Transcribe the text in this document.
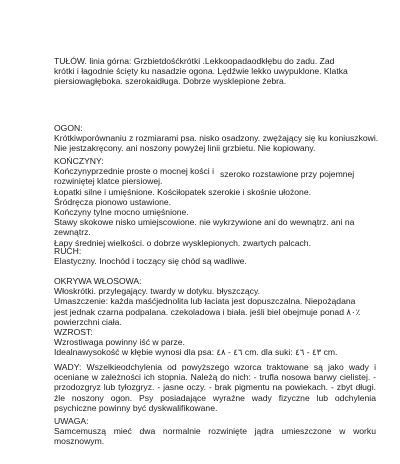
TUŁÓW. linia górna: Grzbietdośćkrótki .Lekkoopadaodkłębu do zadu. Zad
krótki i łagodnie ścięty ku nasadzie ogona. Lędźwie lekko uwypuklone. Klatka
piersiowagłęboka. szerokaidługa. Dobrze wysklepione żebra.
OGON:
Krótkiwporównaniu z rozmiarami psa. nisko osadzony. zwężający się ku koniuszkowi.
Nie jestzakręcony. ani noszony powyżej linii grzbietu. Nie kopiowany.
KOŃCZYNY:
Kończynyprzednie proste o mocnej kości i
rozwiniętej klatce piersiowej.
szeroko rozstawione przy pojemnej
Łopatki silne i umięśnione. Kościłopatek szerokie i skośnie ułożone.
Śródręcza pionowo ustawione.
Kończyny tylne mocno umięśnione.
Stawy skokowe nisko umiejscowione. nie wykrzywione ani do wewnątrz. ani na
zewnątrz.
Łapy średniej wielkości. o dobrze wysklepionych. zwartych palcach.
RUCH:
Elastyczny. Inochód i toczący się chód są wadliwe.
OKRYWA WŁOSOWA:
Włoskrótki. przylegający. twardy w dotyku. błyszczący.
Umaszczenie: każda maśćjednolita lub łaciata jest dopuszczalna. Niepożądana
jest jednak czarna podpalana. czekoladowa i biała. jeśli biel obejmuje ponad ٨٠٪
powierzchni ciała.
WZROST:
Wzrostiwaga powinny iść w parze.
Idealnawysokość w kłębie wynosi dla psa: ٤٦ - ٤٨ cm. dla suki: ٤٣ - ٤٦ cm.
WADY: Wszelkieodchylenia od powyższego wzorca traktowane są jako wady i oceniane w zależności ich stopnia. Należą do nich: - trufla nosowa barwy cielistej. - przodozgryz lub tyłozgryz. - jasne oczy. - brak pigmentu na powiekach. - zbyt długi. źle noszony ogon. Psy posiadające wyraźne wady fizyczne lub odchylenia psychiczne powinny być dyskwalifikowane.
UWAGA:
Samcemuszą mieć dwa normalnie rozwinięte jądra umieszczone w worku mosznowym.
